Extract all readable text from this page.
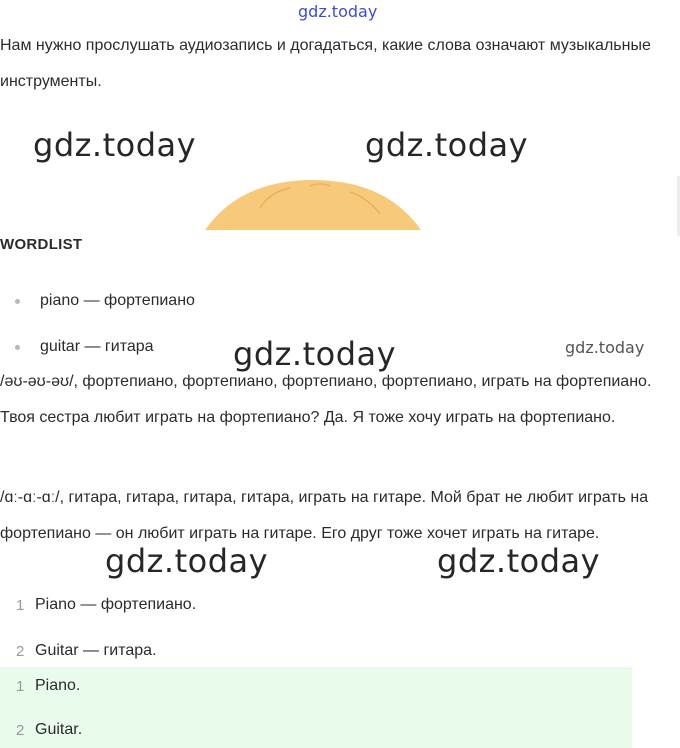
gdz.today

Нам нужно прослушать аудиозапись и догадаться, какие слова означают музыкальные инструменты.

gdz.today	gdz.today
WORDLIST
piano — фортепиано
guitar — гитара gdz.today	gdz.today

/əʊ-əʊ-əʊ/, фортепиано, фортепиано, фортепиано, фортепиано, играть на фортепиано. Твоя сестра любит играть на фортепиано? Да. Я тоже хочу играть на фортепиано.

/ɑː-ɑː-ɑː/, гитара, гитара, гитара, гитара, играть на гитаре. Мой брат не любит играть на фортепиано — он любит играть на гитаре. Его друг тоже хочет играть на гитаре.

gdz.today	gdz.today
1 Piano — фортепиано.
2 Guitar — гитара.
1 Piano.
2 Guitar.
